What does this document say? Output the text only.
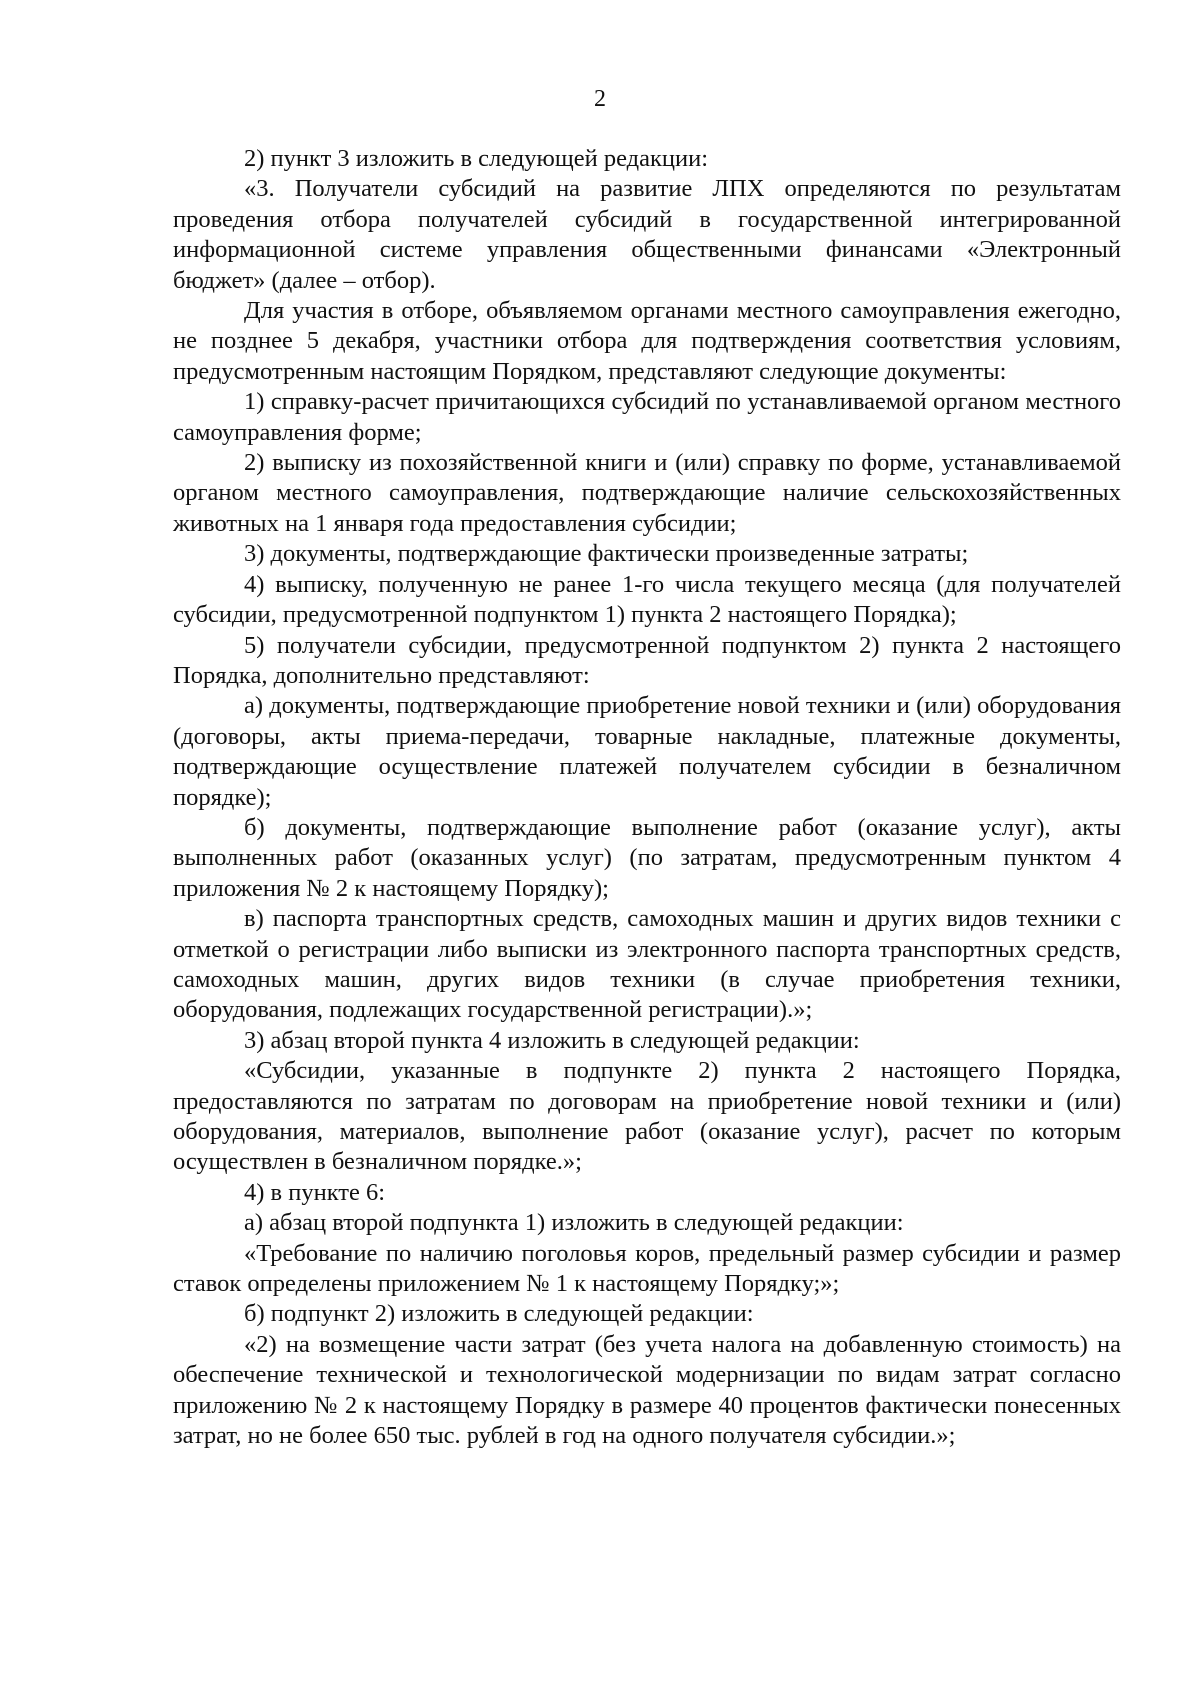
2

2) пункт 3 изложить в следующей редакции:

«3. Получатели субсидий на развитие ЛПХ определяются по результатам проведения отбора получателей субсидий в государственной интегрированной информационной системе управления общественными финансами «Электронный бюджет» (далее – отбор).

Для участия в отборе, объявляемом органами местного самоуправления ежегодно, не позднее 5 декабря, участники отбора для подтверждения соответствия условиям, предусмотренным настоящим Порядком, представляют следующие документы:

1) справку-расчет причитающихся субсидий по устанавливаемой органом местного самоуправления форме;

2) выписку из похозяйственной книги и (или) справку по форме, устанавливаемой органом местного самоуправления, подтверждающие наличие сельскохозяйственных животных на 1 января года предоставления субсидии;

3) документы, подтверждающие фактически произведенные затраты;

4) выписку, полученную не ранее 1-го числа текущего месяца (для получателей субсидии, предусмотренной подпунктом 1) пункта 2 настоящего Порядка);

5) получатели субсидии, предусмотренной подпунктом 2) пункта 2 настоящего Порядка, дополнительно представляют:

а) документы, подтверждающие приобретение новой техники и (или) оборудования (договоры, акты приема-передачи, товарные накладные, платежные документы, подтверждающие осуществление платежей получателем субсидии в безналичном порядке);

б) документы, подтверждающие выполнение работ (оказание услуг), акты выполненных работ (оказанных услуг) (по затратам, предусмотренным пунктом 4 приложения № 2 к настоящему Порядку);

в) паспорта транспортных средств, самоходных машин и других видов техники с отметкой о регистрации либо выписки из электронного паспорта транспортных средств, самоходных машин, других видов техники (в случае приобретения техники, оборудования, подлежащих государственной регистрации).»;

3) абзац второй пункта 4 изложить в следующей редакции:

«Субсидии, указанные в подпункте 2) пункта 2 настоящего Порядка, предоставляются по затратам по договорам на приобретение новой техники и (или) оборудования, материалов, выполнение работ (оказание услуг), расчет по которым осуществлен в безналичном порядке.»;

4) в пункте 6:

а) абзац второй подпункта 1) изложить в следующей редакции:

«Требование по наличию поголовья коров, предельный размер субсидии и размер ставок определены приложением № 1 к настоящему Порядку;»;

б) подпункт 2) изложить в следующей редакции:

«2) на возмещение части затрат (без учета налога на добавленную стоимость) на обеспечение технической и технологической модернизации по видам затрат согласно приложению № 2 к настоящему Порядку в размере 40 процентов фактически понесенных затрат, но не более 650 тыс. рублей в год на одного получателя субсидии.»;
